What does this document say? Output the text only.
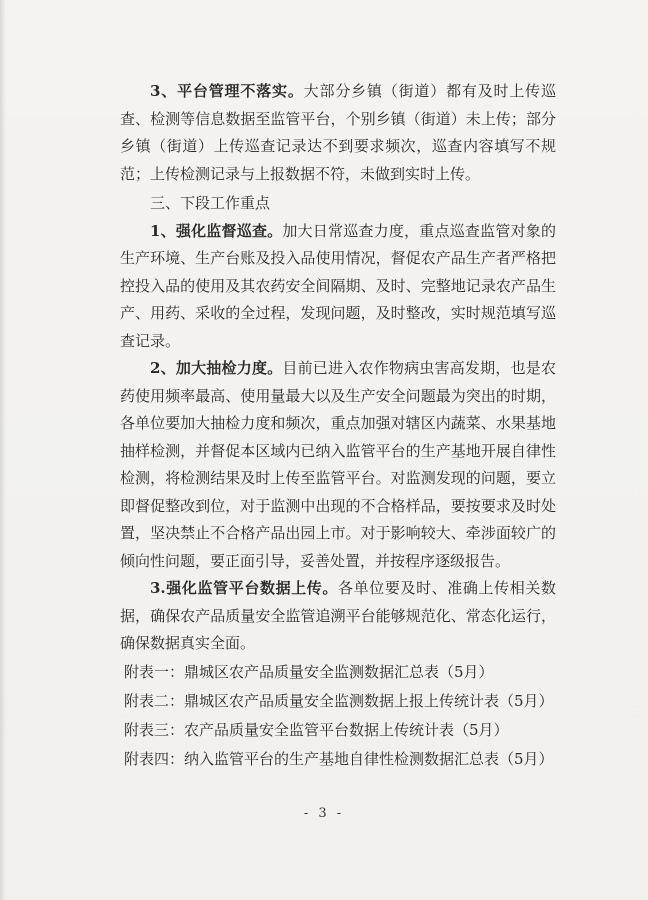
3、平台管理不落实。大部分乡镇（街道）都有及时上传巡查、检测等信息数据至监管平台，个别乡镇（街道）未上传；部分乡镇（街道）上传巡查记录达不到要求频次，巡查内容填写不规范；上传检测记录与上报数据不符，未做到实时上传。

三、下段工作重点

1、强化监督巡查。加大日常巡查力度，重点巡查监管对象的生产环境、生产台账及投入品使用情况，督促农产品生产者严格把控投入品的使用及其农药安全间隔期、及时、完整地记录农产品生产、用药、采收的全过程，发现问题，及时整改，实时规范填写巡查记录。

2、加大抽检力度。目前已进入农作物病虫害高发期，也是农药使用频率最高、使用量最大以及生产安全问题最为突出的时期，各单位要加大抽检力度和频次，重点加强对辖区内蔬菜、水果基地抽样检测，并督促本区域内已纳入监管平台的生产基地开展自律性检测，将检测结果及时上传至监管平台。对监测发现的问题，要立即督促整改到位，对于监测中出现的不合格样品，要按要求及时处置，坚决禁止不合格产品出园上市。对于影响较大、牵涉面较广的倾向性问题，要正面引导，妥善处置，并按程序逐级报告。

3.强化监管平台数据上传。各单位要及时、准确上传相关数据，确保农产品质量安全监管追溯平台能够规范化、常态化运行，确保数据真实全面。

附表一：鼎城区农产品质量安全监测数据汇总表（5月）

附表二：鼎城区农产品质量安全监测数据上报上传统计表（5月）

附表三：农产品质量安全监管平台数据上传统计表（5月）

附表四：纳入监管平台的生产基地自律性检测数据汇总表（5月）

- 3 -
